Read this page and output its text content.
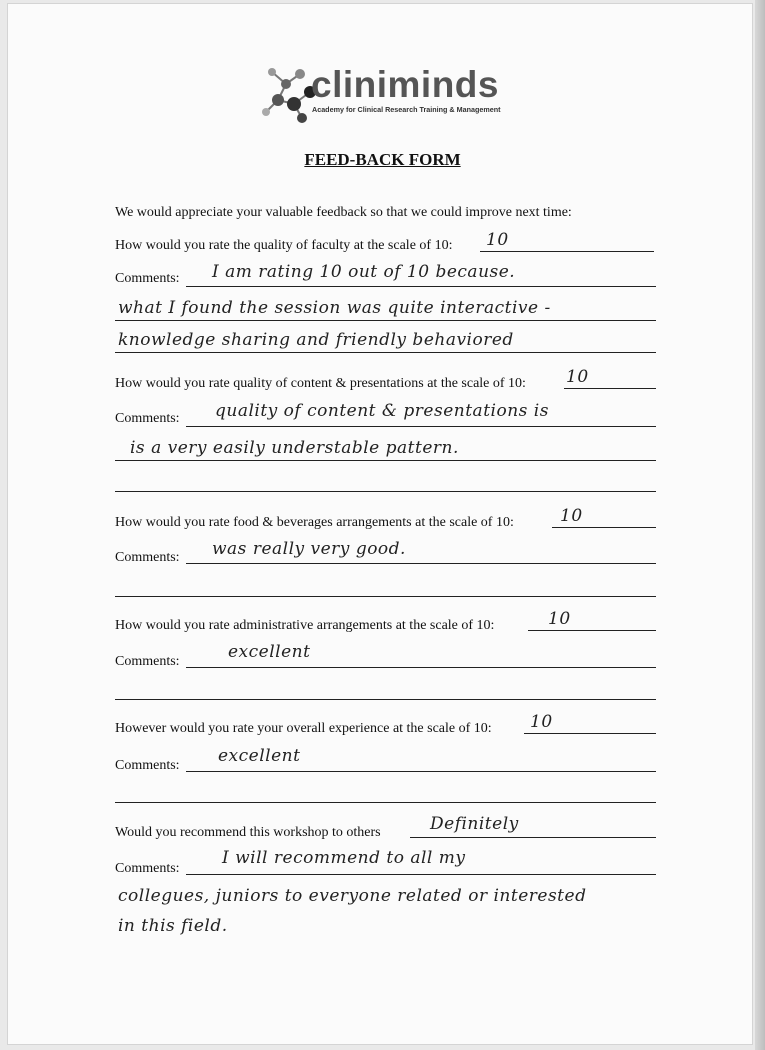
cliniminds
Academy for Clinical Research Training & Management
FEED-BACK FORM
We would appreciate your valuable feedback so that we could improve next time:
How would you rate the quality of faculty at the scale of 10: 10
Comments: I am rating 10 out of 10 because.
what I found the session was quite interactive -
knowledge sharing and friendly behaviored
How would you rate quality of content & presentations at the scale of 10: 10
Comments: quality of content & presentations is
is a very easily understable pattern.
How would you rate food & beverages arrangements at the scale of 10:	10
Comments: was really very good.
How would you rate administrative arrangements at the scale of 10:	10
Comments:	excellent
However would you rate your overall experience at the scale of 10: 10
Comments: excellent
Would you recommend this workshop to others	Definitely
Comments:
I will recommend to all my
collegues, juniors to everyone related or interested
in this field.
